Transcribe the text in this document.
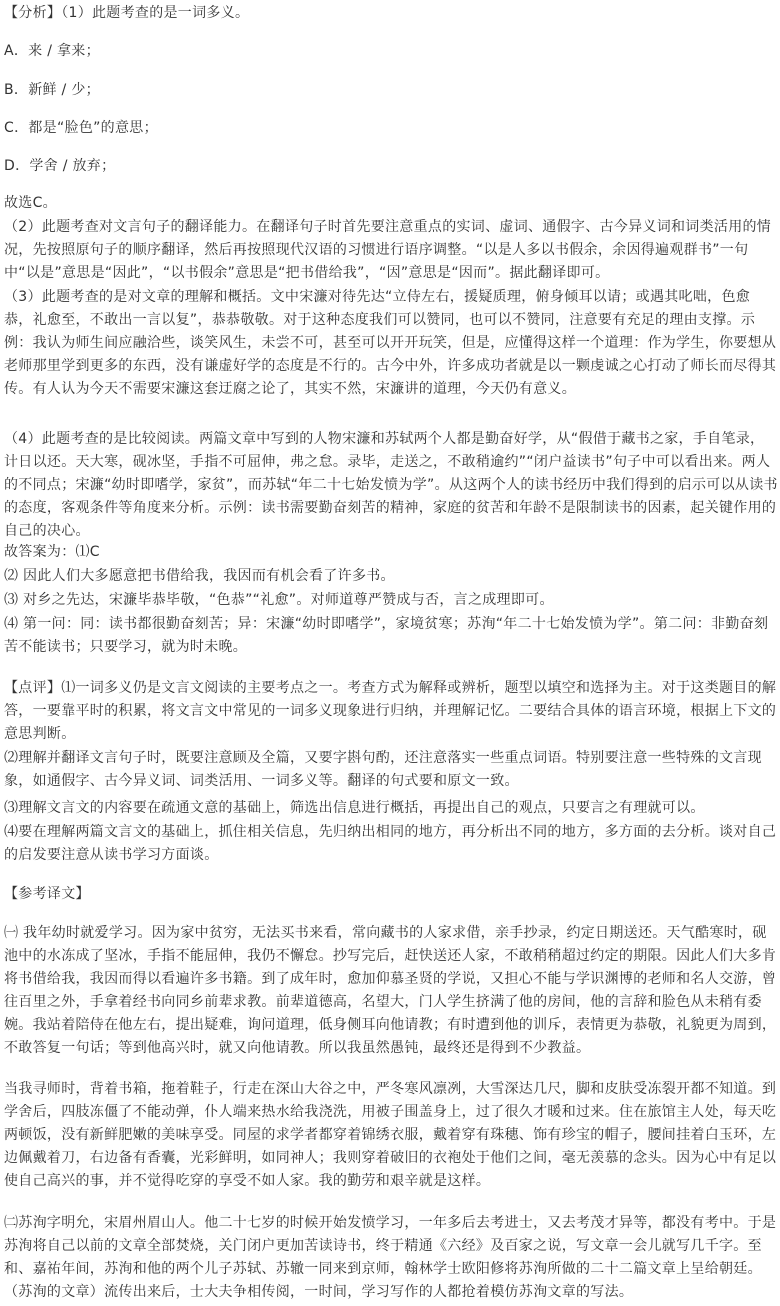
【分析】（1）此题考查的是一词多义。

A．来 / 拿来；

B．新鲜 / 少；

C．都是“脸色”的意思；

D．学舍 / 放弃；

故选C。

（2）此题考查对文言句子的翻译能力。在翻译句子时首先要注意重点的实词、虚词、通假字、古今异义词和词类活用的情况，先按照原句子的顺序翻译，然后再按照现代汉语的习惯进行语序调整。“以是人多以书假余，余因得遍观群书”一句中“以是”意思是“因此”，“以书假余”意思是“把书借给我”，“因”意思是“因而”。据此翻译即可。

（3）此题考查的是对文章的理解和概括。文中宋濂对待先达“立侍左右，援疑质理，俯身倾耳以请；或遇其叱咄，色愈恭，礼愈至，不敢出一言以复”，恭恭敬敬。对于这种态度我们可以赞同，也可以不赞同，注意要有充足的理由支撑。示例：我认为师生间应融洽些，谈笑风生，未尝不可，甚至可以开开玩笑，但是，应懂得这样一个道理：作为学生，你要想从老师那里学到更多的东西，没有谦虚好学的态度是不行的。古今中外，许多成功者就是以一颗虔诚之心打动了师长而尽得其传。有人认为今天不需要宋濂这套迂腐之论了，其实不然，宋濂讲的道理，今天仍有意义。

（4）此题考查的是比较阅读。两篇文章中写到的人物宋濂和苏轼两个人都是勤奋好学，从“假借于藏书之家，手自笔录，计日以还。天大寒，砚冰坚，手指不可屈伸，弗之怠。录毕，走送之，不敢稍逾约”“闭户益读书”句子中可以看出来。两人的不同点；宋濂“幼时即嗜学，家贫”，而苏轼“年二十七始发愤为学”。从这两个人的读书经历中我们得到的启示可以从读书的态度，客观条件等角度来分析。示例：读书需要勤奋刻苦的精神，家庭的贫苦和年龄不是限制读书的因素，起关键作用的自己的决心。

故答案为：⑴C

⑵ 因此人们大多愿意把书借给我，我因而有机会看了许多书。

⑶ 对乡之先达，宋濂毕恭毕敬，“色恭”“礼愈”。对师道尊严赞成与否，言之成理即可。

⑷ 第一问：同：读书都很勤奋刻苦；异：宋濂“幼时即嗜学”，家境贫寒；苏洵“年二十七始发愤为学”。第二问：非勤奋刻苦不能读书；只要学习，就为时未晚。

【点评】⑴一词多义仍是文言文阅读的主要考点之一。考查方式为解释或辨析，题型以填空和选择为主。对于这类题目的解答，一要靠平时的积累，将文言文中常见的一词多义现象进行归纳，并理解记忆。二要结合具体的语言环境，根据上下文的意思判断。

⑵理解并翻译文言句子时，既要注意顾及全篇，又要字斟句酌，还注意落实一些重点词语。特别要注意一些特殊的文言现象，如通假字、古今异义词、词类活用、一词多义等。翻译的句式要和原文一致。

⑶理解文言文的内容要在疏通文意的基础上，筛选出信息进行概括，再提出自己的观点，只要言之有理就可以。

⑷要在理解两篇文言文的基础上，抓住相关信息，先归纳出相同的地方，再分析出不同的地方，多方面的去分析。谈对自己的启发要注意从读书学习方面谈。

【参考译文】

㈠ 我年幼时就爱学习。因为家中贫穷，无法买书来看，常向藏书的人家求借，亲手抄录，约定日期送还。天气酷寒时，砚池中的水冻成了坚冰，手指不能屈伸，我仍不懈怠。抄写完后，赶快送还人家，不敢稍稍超过约定的期限。因此人们大多肯将书借给我，我因而得以看遍许多书籍。到了成年时，愈加仰慕圣贤的学说，又担心不能与学识渊博的老师和名人交游，曾往百里之外，手拿着经书向同乡前辈求教。前辈道德高，名望大，门人学生挤满了他的房间，他的言辞和脸色从未稍有委婉。我站着陪侍在他左右，提出疑难，询问道理，低身侧耳向他请教；有时遭到他的训斥，表情更为恭敬，礼貌更为周到，不敢答复一句话；等到他高兴时，就又向他请教。所以我虽然愚钝，最终还是得到不少教益。

当我寻师时，背着书箱，拖着鞋子，行走在深山大谷之中，严冬寒风凛冽，大雪深达几尺，脚和皮肤受冻裂开都不知道。到学舍后，四肢冻僵了不能动弹，仆人端来热水给我浇洗，用被子围盖身上，过了很久才暖和过来。住在旅馆主人处，每天吃两顿饭，没有新鲜肥嫩的美味享受。同屋的求学者都穿着锦绣衣服，戴着穿有珠穗、饰有珍宝的帽子，腰间挂着白玉环，左边佩戴着刀，右边备有香囊，光彩鲜明，如同神人；我则穿着破旧的衣袍处于他们之间，毫无羡慕的念头。因为心中有足以使自己高兴的事，并不觉得吃穿的享受不如人家。我的勤劳和艰辛就是这样。

㈡苏洵字明允，宋眉州眉山人。他二十七岁的时候开始发愤学习，一年多后去考进士，又去考茂才异等，都没有考中。于是苏洵将自己以前的文章全部焚烧，关门闭户更加苦读诗书，终于精通《六经》及百家之说，写文章一会儿就写几千字。至和、嘉祐年间，苏洵和他的两个儿子苏轼、苏辙一同来到京师，翰林学士欧阳修将苏洵所做的二十二篇文章上呈给朝廷。（苏洵的文章）流传出来后，士大夫争相传阅，一时间，学习写作的人都抢着模仿苏洵文章的写法。
